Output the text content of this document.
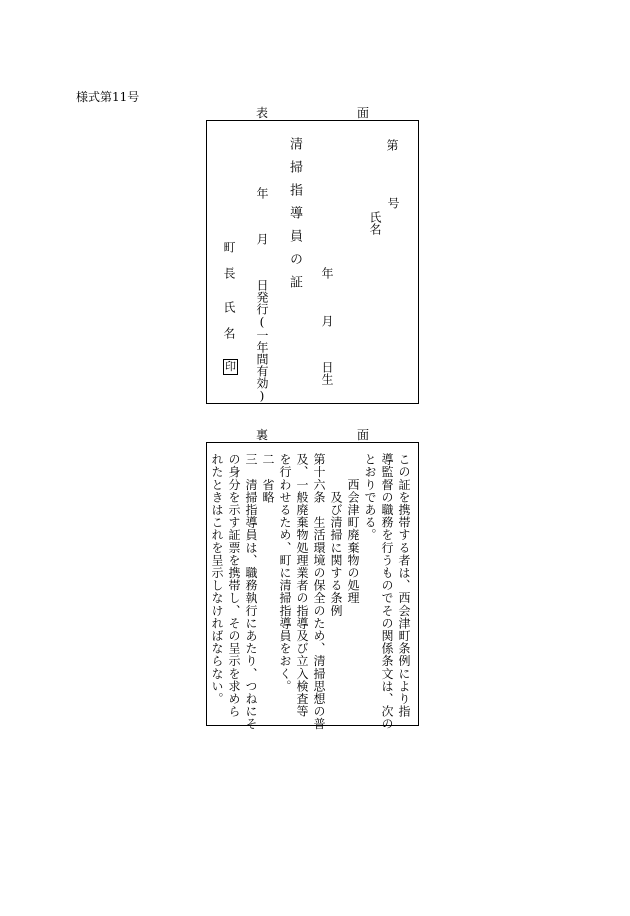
様式第11号
表	面
第
号
氏名
年
月
日生
清掃指導員の証
年
月
日発行(一年間有効)
町
長
氏
名
印
裏	面
この証を携帯する者は、西会津町条例により指
導監督の職務を行うものでその関係条文は、次の
とおりである。
　　西会津町廃棄物の処理
　　　及び清掃に関する条例
第十六条　生活環境の保全のため、清掃思想の普
及、一般廃棄物処理業者の指導及び立入検査等
を行わせるため、町に清掃指導員をおく。
二　省略
三　清掃指導員は、職務執行にあたり、つねにそ
の身分を示す証票を携帯し、その呈示を求めら
れたときはこれを呈示しなければならない。
